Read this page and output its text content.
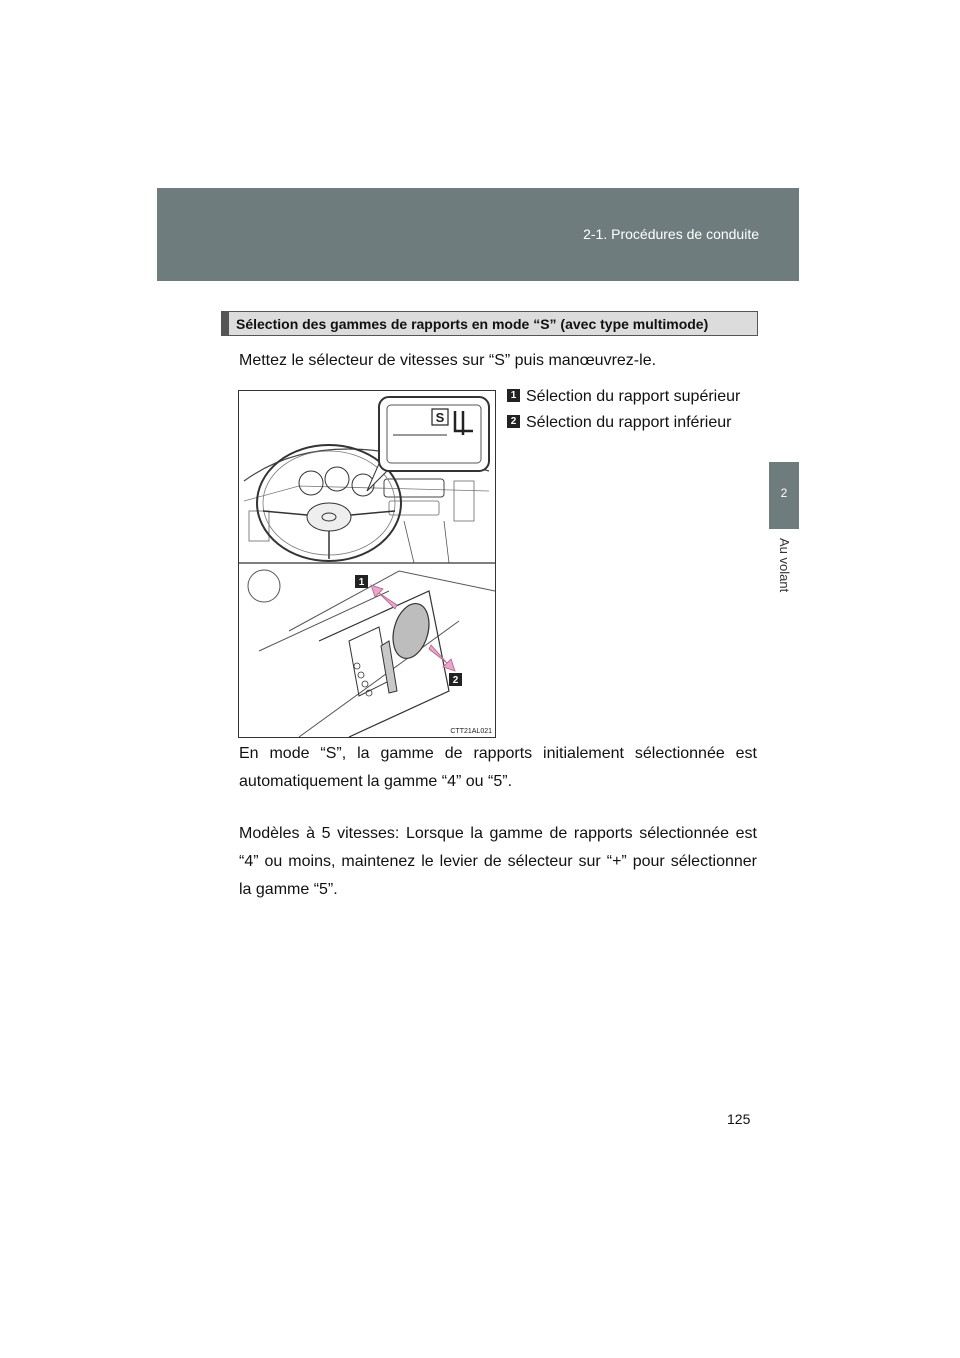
2-1. Procédures de conduite
2
Au volant
Sélection des gammes de rapports en mode “S” (avec type multimode)
Mettez le sélecteur de vitesses sur “S” puis manœuvrez-le.
1 Sélection du rapport supérieur
2 Sélection du rapport inférieur
S
1
2
CTT21AL021
En mode “S”, la gamme de rapports initialement sélectionnée est automatiquement la gamme “4” ou “5”.
Modèles à 5 vitesses: Lorsque la gamme de rapports sélectionnée est “4” ou moins, maintenez le levier de sélecteur sur “+” pour sélectionner la gamme “5”.
125
